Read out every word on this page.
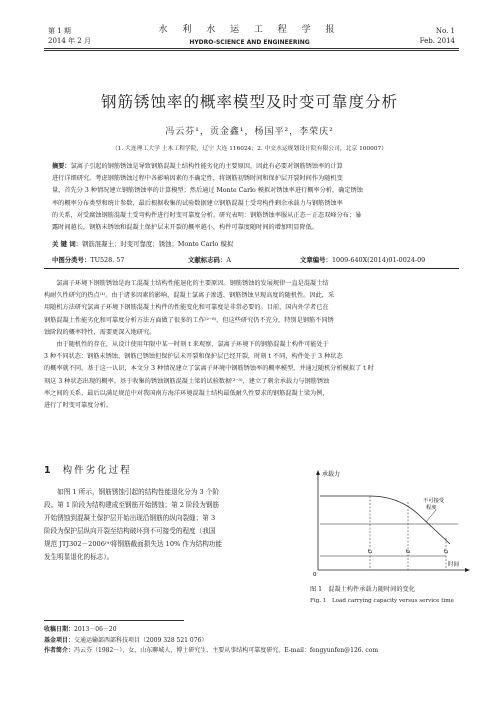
第 1 期
2014 年 2 月
水 利 水 运 工 程 学 报
HYDRO-SCIENCE AND ENGINEERING
No. 1
Feb. 2014
钢筋锈蚀率的概率模型及时变可靠度分析
冯云芬¹，贡金鑫¹，杨国平²，李荣庆²
（1. 大连理工大学 土木工程学院，辽宁 大连 116024；2. 中交水运规划设计院有限公司，北京 100007）
摘要：氯离子引起的钢筋锈蚀是导致钢筋混凝土结构性能劣化的主要原因，因此有必要对钢筋锈蚀率的计算
进行详细研究。考虑钢筋锈蚀过程中各影响因素的不确定性，将钢筋初锈时间和保护层开裂时间作为随机变
量，首先分 3 种情况建立钢筋锈蚀率的计算模型；然后通过 Monte Carlo 模拟对锈蚀率进行概率分析，确定锈蚀
率的概率分布类型和统计参数，最后根据收集的试验数据建立钢筋混凝土受弯构件剩余承载力与钢筋锈蚀率
的关系，对受腐蚀钢筋混凝土受弯构件进行时变可靠度分析。研究表明：钢筋锈蚀率服从正态－正态双峰分布；暴
露时间越长，钢筋未锈蚀和混凝土保护层未开裂的概率越小，构件可靠度随时间的增加明显降低。
关 键 词：钢筋混凝土；时变可靠度；锈蚀；Monte Carlo 模拟
中图分类号：TU528. 57	文献标志码：A	文章编号：1009-640X(2014)01-0024-09
　　氯离子环境下钢筋锈蚀是海工混凝土结构性能退化的主要原因。钢筋锈蚀的发展规律一直是混凝土结
构耐久性研究的热点⁽¹⁾。由于诸多因素的影响，混凝土氯离子渗透、钢筋锈蚀呈现高度的随机性。因此，采
用随机方法研究氯离子环境下钢筋混凝土构件的性能变化和可靠度是非常必要的。目前，国内外学者已在
钢筋混凝土性能劣化和可靠度分析方法方面做了很多的工作⁽²⁻⁸⁾，但这些研究仍不充分，特别是钢筋不同锈
蚀阶段的概率特性，需要更深入地研究。
　　由于随机性的存在，从设计使用年限中某一时刻 t 来观察，氯离子环境下的钢筋混凝土构件可能处于
3 种不同状态：钢筋未锈蚀、钢筋已锈蚀但保护层未开裂和保护层已经开裂，时刻 t 不同，构件处于 3 种状态
的概率就不同。基于这一认识，本文分 3 种情况建立了氯离子环境中钢筋锈蚀率的概率模型，并通过随机分析模拟了 t 时
刻这 3 种状态出现的概率。基于收集的锈蚀钢筋混凝土梁的试验数据⁽²⁻⁵⁾，建立了剩余承载力与钢筋锈蚀
率之间的关系，最后以满足规范中对我国南方海洋环境混凝土结构最低耐久性要求的钢筋混凝土梁为例，
进行了时变可靠度分析。
1 构件劣化过程
　　如图 1 所示，钢筋锈蚀引起的结构性能退化分为 3 个阶
段。第 1 阶段为结构建成至钢筋开始锈蚀；第 2 阶段为钢筋
开始锈蚀到混凝土保护层开始出现沿钢筋的纵向裂缝；第 3
阶段为保护层纵向开裂至结构破坏到不可接受的程度（我国
规范 JTJ302－2006⁽⁹⁾将钢筋截面损失达 10% 作为结构功能
发生明显退化的标志）。
承载力
0
时间
不可接受
程度
t₁	t₂	t₃
图 1　混凝土构件承载力随时间的变化
Fig. 1　Load carrying capacity versus service time
收稿日期：2013－06－20
基金项目：交通运输部西部科技项目（2009 328 521 076）
作者简介：冯云芬（1982－），女，山东聊城人，博士研究生，主要从事结构可靠度研究。E-mail：fengyunfen@126. com
